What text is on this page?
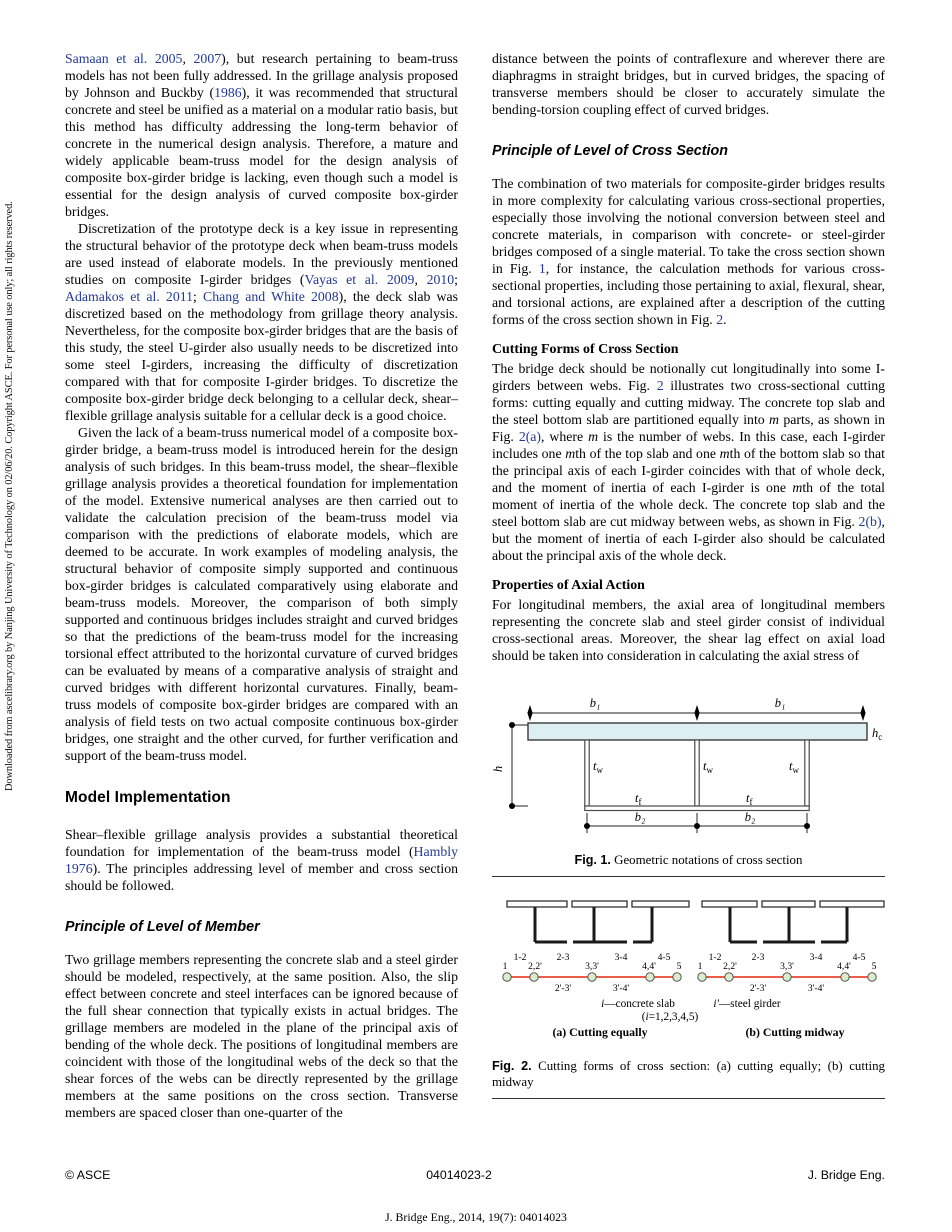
Downloaded from ascelibrary.org by Nanjing University of Technology on 02/06/20. Copyright ASCE. For personal use only; all rights reserved.

Samaan et al. 2005, 2007), but research pertaining to beam-truss models has not been fully addressed. In the grillage analysis proposed by Johnson and Buckby (1986), it was recommended that structural concrete and steel be unified as a material on a modular ratio basis, but this method has difficulty addressing the long-term behavior of concrete in the numerical design analysis. Therefore, a mature and widely applicable beam-truss model for the design analysis of composite box-girder bridge is lacking, even though such a model is essential for the design analysis of curved composite box-girder bridges.

Discretization of the prototype deck is a key issue in representing the structural behavior of the prototype deck when beam-truss models are used instead of elaborate models. In the previously mentioned studies on composite I-girder bridges (Vayas et al. 2009, 2010; Adamakos et al. 2011; Chang and White 2008), the deck slab was discretized based on the methodology from grillage theory analysis. Nevertheless, for the composite box-girder bridges that are the basis of this study, the steel U-girder also usually needs to be discretized into some steel I-girders, increasing the difficulty of discretization compared with that for composite I-girder bridges. To discretize the composite box-girder bridge deck belonging to a cellular deck, shear–flexible grillage analysis suitable for a cellular deck is a good choice.

Given the lack of a beam-truss numerical model of a composite box-girder bridge, a beam-truss model is introduced herein for the design analysis of such bridges. In this beam-truss model, the shear–flexible grillage analysis provides a theoretical foundation for implementation of the model. Extensive numerical analyses are then carried out to validate the calculation precision of the beam-truss model via comparison with the predictions of elaborate models, which are deemed to be accurate. In work examples of modeling analysis, the structural behavior of composite simply supported and continuous box-girder bridges is calculated comparatively using elaborate and beam-truss models. Moreover, the comparison of both simply supported and continuous bridges includes straight and curved bridges so that the predictions of the beam-truss model for the increasing torsional effect attributed to the horizontal curvature of curved bridges can be evaluated by means of a comparative analysis of straight and curved bridges with different horizontal curvatures. Finally, beam-truss models of composite box-girder bridges are compared with an analysis of field tests on two actual composite continuous box-girder bridges, one straight and the other curved, for further verification and support of the beam-truss model.

Model Implementation

Shear–flexible grillage analysis provides a substantial theoretical foundation for implementation of the beam-truss model (Hambly 1976). The principles addressing level of member and cross section should be followed.

Principle of Level of Member

Two grillage members representing the concrete slab and a steel girder should be modeled, respectively, at the same position. Also, the slip effect between concrete and steel interfaces can be ignored because of the full shear connection that typically exists in actual bridges. The grillage members are modeled in the plane of the principal axis of bending of the whole deck. The positions of longitudinal members are coincident with those of the longitudinal webs of the deck so that the shear forces of the webs can be directly represented by the grillage members at the same positions on the cross section. Transverse members are spaced closer than one-quarter of the

distance between the points of contraflexure and wherever there are diaphragms in straight bridges, but in curved bridges, the spacing of transverse members should be closer to accurately simulate the bending-torsion coupling effect of curved bridges.

Principle of Level of Cross Section

The combination of two materials for composite-girder bridges results in more complexity for calculating various cross-sectional properties, especially those involving the notional conversion between steel and concrete materials, in comparison with concrete- or steel-girder bridges composed of a single material. To take the cross section shown in Fig. 1, for instance, the calculation methods for various cross-sectional properties, including those pertaining to axial, flexural, shear, and torsional actions, are explained after a description of the cutting forms of the cross section shown in Fig. 2.

Cutting Forms of Cross Section

The bridge deck should be notionally cut longitudinally into some I-girders between webs. Fig. 2 illustrates two cross-sectional cutting forms: cutting equally and cutting midway. The concrete top slab and the steel bottom slab are partitioned equally into m parts, as shown in Fig. 2(a), where m is the number of webs. In this case, each I-girder includes one mth of the top slab and one mth of the bottom slab so that the principal axis of each I-girder coincides with that of whole deck, and the moment of inertia of each I-girder is one mth of the total moment of inertia of the whole deck. The concrete top slab and the steel bottom slab are cut midway between webs, as shown in Fig. 2(b), but the moment of inertia of each I-girder also should be calculated about the principal axis of the whole deck.

Properties of Axial Action

For longitudinal members, the axial area of longitudinal members representing the concrete slab and steel girder consist of individual cross-sectional areas. Moreover, the shear lag effect on axial load should be taken into consideration in calculating the axial stress of

b₁	b₁
$h_c$
h	$t_w$	$t_w$	$t_w$
$t_f$	$t_f$
b₂	b₂
Fig. 1. Geometric notations of cross section
1
1-2
2,2'
2-3
3,3'
3-4
4,4'
4-5
5
2'-3'	3'-4'
1
1-2
2,2'
2-3
3,3'
3-4
4,4'
4-5
5
2'-3'	3'-4'
i—concrete slab	i'—steel girder
(i=1,2,3,4,5)
(a) Cutting equally	(b) Cutting midway
Fig. 2. Cutting forms of cross section: (a) cutting equally; (b) cutting midway
© ASCE	04014023-2	J. Bridge Eng.
J. Bridge Eng., 2014, 19(7): 04014023
